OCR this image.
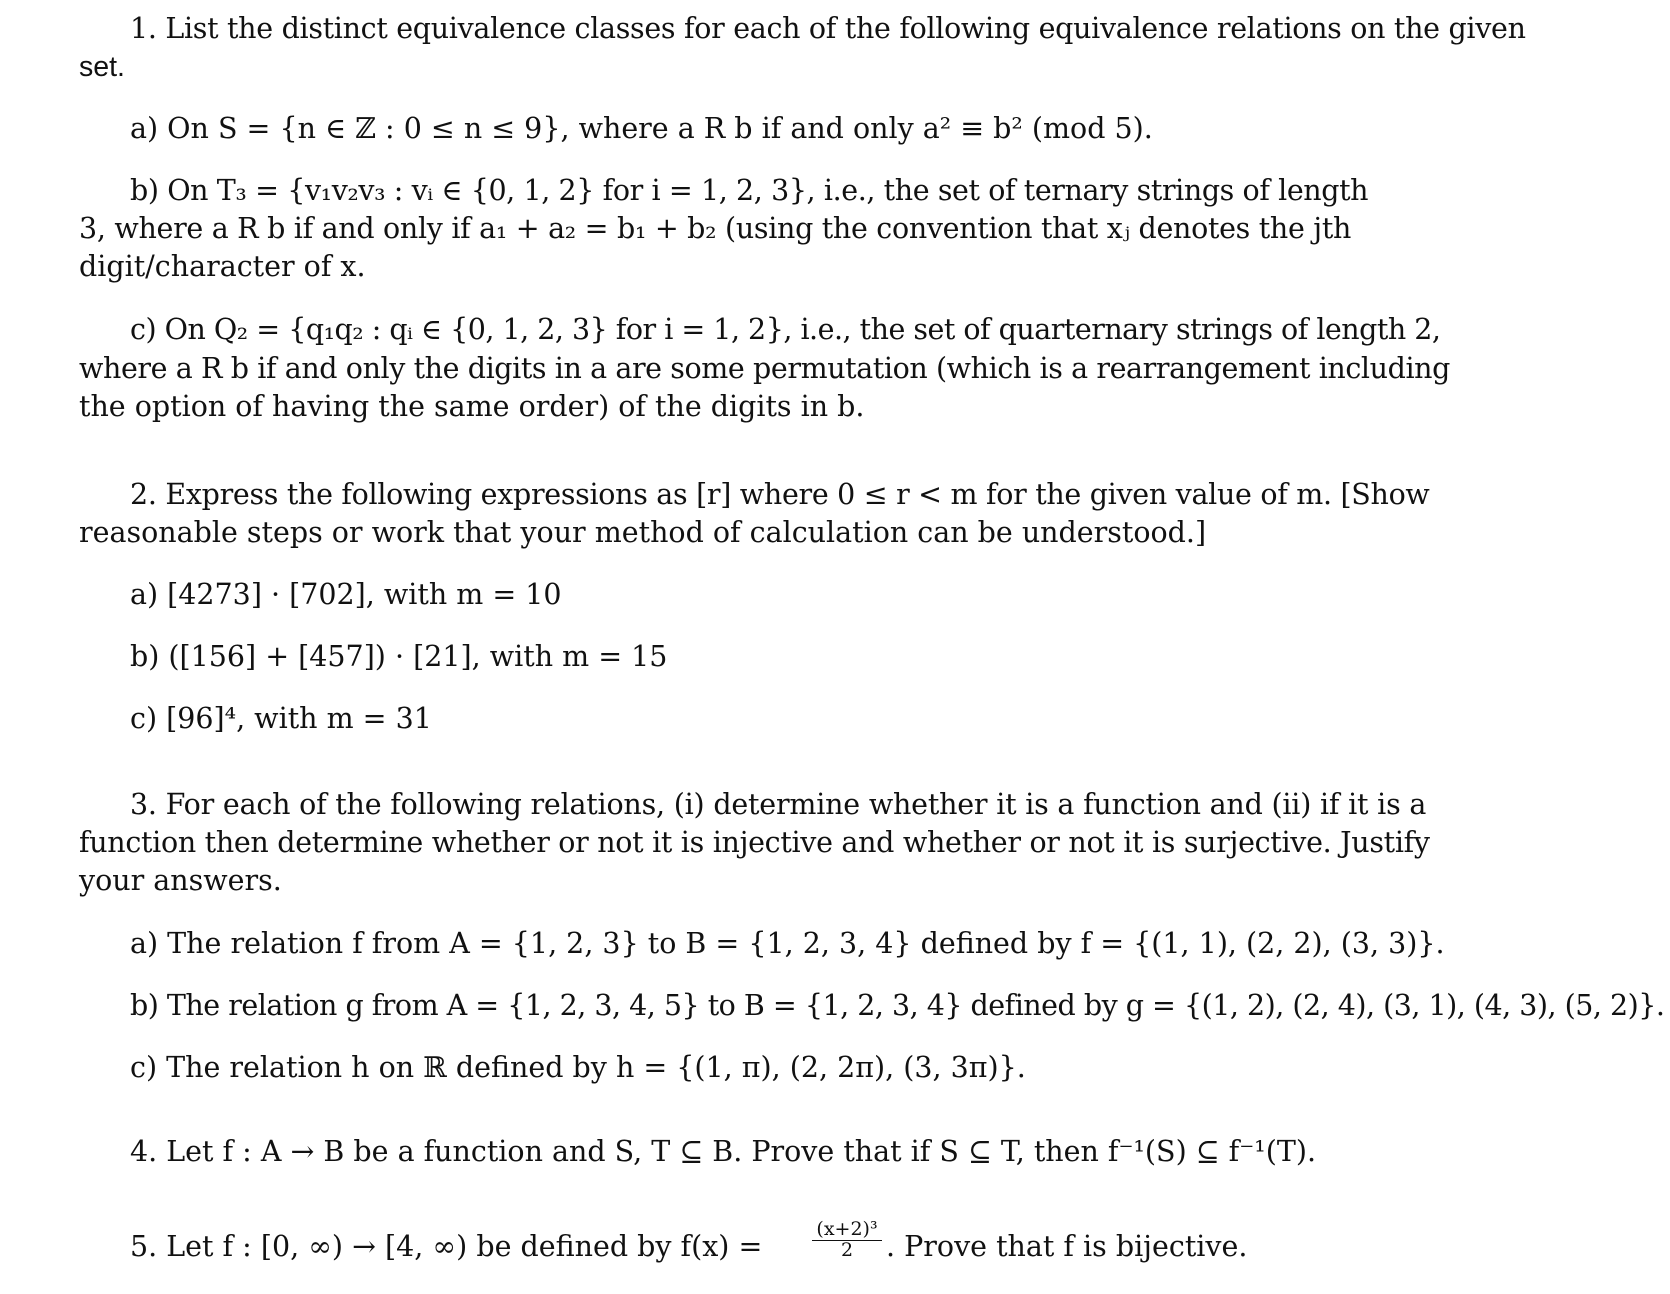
1. List the distinct equivalence classes for each of the following equivalence relations on the given
set.
a) On S = {n ∈ ℤ : 0 ≤ n ≤ 9}, where a R b if and only a² ≡ b² (mod 5).
b) On T₃ = {v₁v₂v₃ : vᵢ ∈ {0, 1, 2} for i = 1, 2, 3}, i.e., the set of ternary strings of length
3, where a R b if and only if a₁ + a₂ = b₁ + b₂ (using the convention that xⱼ denotes the jth
digit/character of x.
c) On Q₂ = {q₁q₂ : qᵢ ∈ {0, 1, 2, 3} for i = 1, 2}, i.e., the set of quarternary strings of length 2,
where a R b if and only the digits in a are some permutation (which is a rearrangement including
the option of having the same order) of the digits in b.
2. Express the following expressions as [r] where 0 ≤ r < m for the given value of m. [Show
reasonable steps or work that your method of calculation can be understood.]
a) [4273] · [702], with m = 10
b) ([156] + [457]) · [21], with m = 15
c) [96]⁴, with m = 31
3. For each of the following relations, (i) determine whether it is a function and (ii) if it is a
function then determine whether or not it is injective and whether or not it is surjective. Justify
your answers.
a) The relation f from A = {1, 2, 3} to B = {1, 2, 3, 4} defined by f = {(1, 1), (2, 2), (3, 3)}.
b) The relation g from A = {1, 2, 3, 4, 5} to B = {1, 2, 3, 4} defined by g = {(1, 2), (2, 4), (3, 1), (4, 3), (5, 2)}.
c) The relation h on ℝ defined by h = {(1, π), (2, 2π), (3, 3π)}.
4. Let f : A → B be a function and S, T ⊆ B. Prove that if S ⊆ T, then f⁻¹(S) ⊆ f⁻¹(T).
5. Let f : [0, ∞) → [4, ∞) be defined by f(x) =	$\frac{\text{(x+2)³}}{2}$ . Prove that f is bijective.
